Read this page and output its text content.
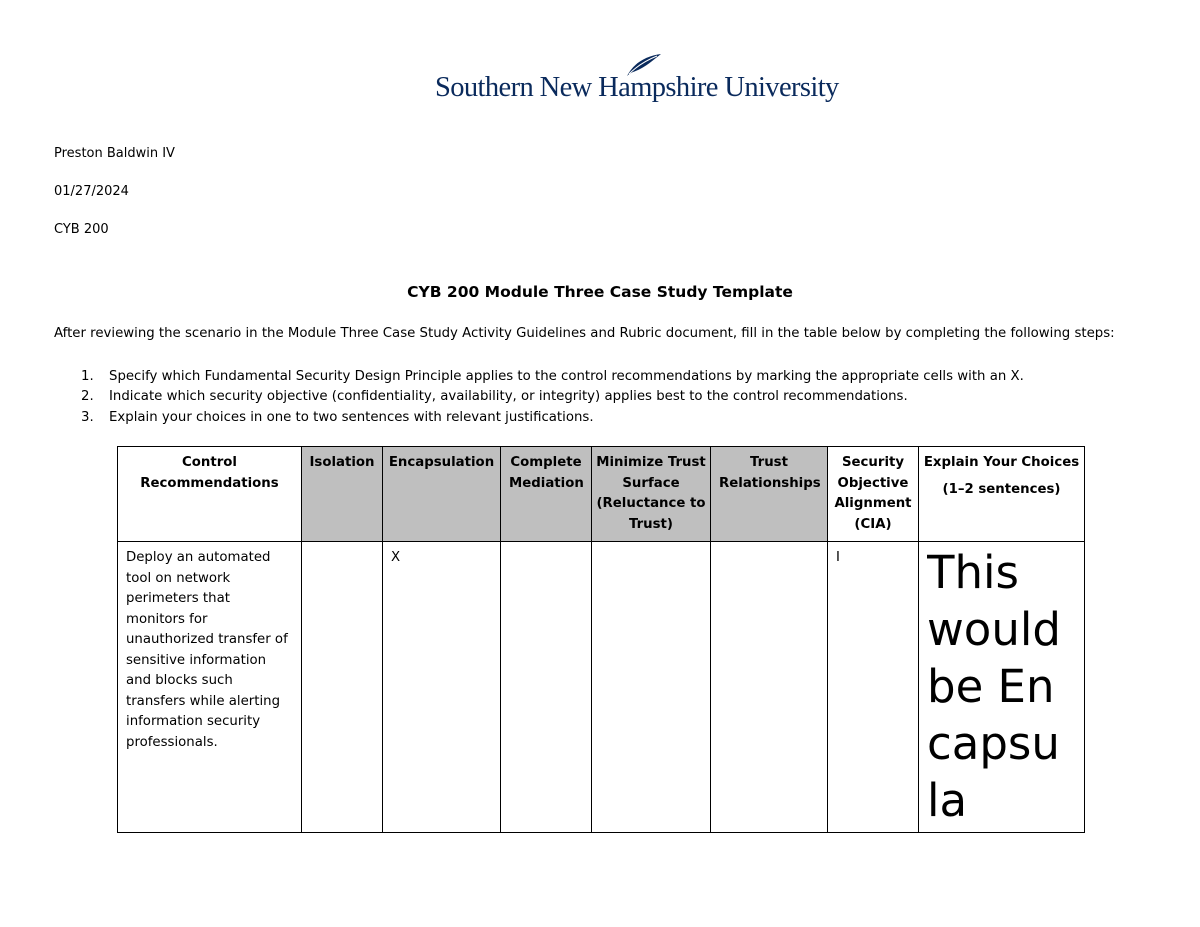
Southern New Hampshire University
Preston Baldwin IV
01/27/2024
CYB 200
CYB 200 Module Three Case Study Template
After reviewing the scenario in the Module Three Case Study Activity Guidelines and Rubric document, fill in the table below by completing the following steps:
1.	Specify which Fundamental Security Design Principle applies to the control recommendations by marking the appropriate cells with an X.
2.	Indicate which security objective (confidentiality, availability, or integrity) applies best to the control recommendations.
3.	Explain your choices in one to two sentences with relevant justifications.
Control Recommendations	Isolation	Encapsulation	Complete Mediation	Minimize Trust Surface (Reluctance to Trust)	Trust Relationships	Security Objective Alignment (CIA)	Explain Your Choices
(1–2 sentences)

Deploy an automated tool on network perimeters that monitors for unauthorized transfer of sensitive information and blocks such transfers while alerting information security professionals.		X				I	This would be Encapsula
